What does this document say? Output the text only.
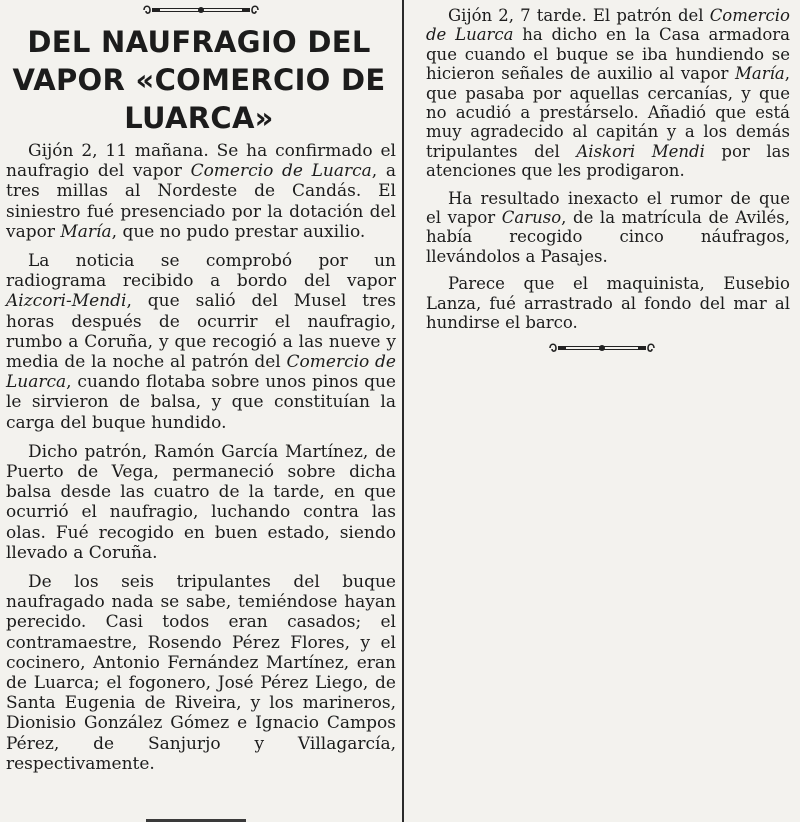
DEL NAUFRAGIO DEL VAPOR «COMERCIO DE LUARCA»

Gijón 2, 11 mañana. Se ha confirmado el naufragio del vapor Comercio de Luarca, a tres millas al Nordeste de Candás. El siniestro fué presenciado por la dotación del vapor María, que no pudo prestar auxilio.

La noticia se comprobó por un radiograma recibido a bordo del vapor Aizcori-Mendi, que salió del Musel tres horas después de ocurrir el naufragio, rumbo a Coruña, y que recogió a las nueve y media de la noche al patrón del Comercio de Luarca, cuando flotaba sobre unos pinos que le sirvieron de balsa, y que constituían la carga del buque hundido.

Dicho patrón, Ramón García Martínez, de Puerto de Vega, permaneció sobre dicha balsa desde las cuatro de la tarde, en que ocurrió el naufragio, luchando contra las olas. Fué recogido en buen estado, siendo llevado a Coruña.

De los seis tripulantes del buque naufragado nada se sabe, temiéndose hayan perecido. Casi todos eran casados; el contramaestre, Rosendo Pérez Flores, y el cocinero, Antonio Fernández Martínez, eran de Luarca; el fogonero, José Pérez Liego, de Santa Eugenia de Riveira, y los marineros, Dionisio González Gómez e Ignacio Campos Pérez, de Sanjurjo y Villagarcía, respectivamente.

Gijón 2, 7 tarde. El patrón del Comercio de Luarca ha dicho en la Casa armadora que cuando el buque se iba hundiendo se hicieron señales de auxilio al vapor María, que pasaba por aquellas cercanías, y que no acudió a prestárselo. Añadió que está muy agradecido al capitán y a los demás tripulantes del Aiskori Mendi por las atenciones que les prodigaron.

Ha resultado inexacto el rumor de que el vapor Caruso, de la matrícula de Avilés, había recogido cinco náufragos, llevándolos a Pasajes.

Parece que el maquinista, Eusebio Lanza, fué arrastrado al fondo del mar al hundirse el barco.
